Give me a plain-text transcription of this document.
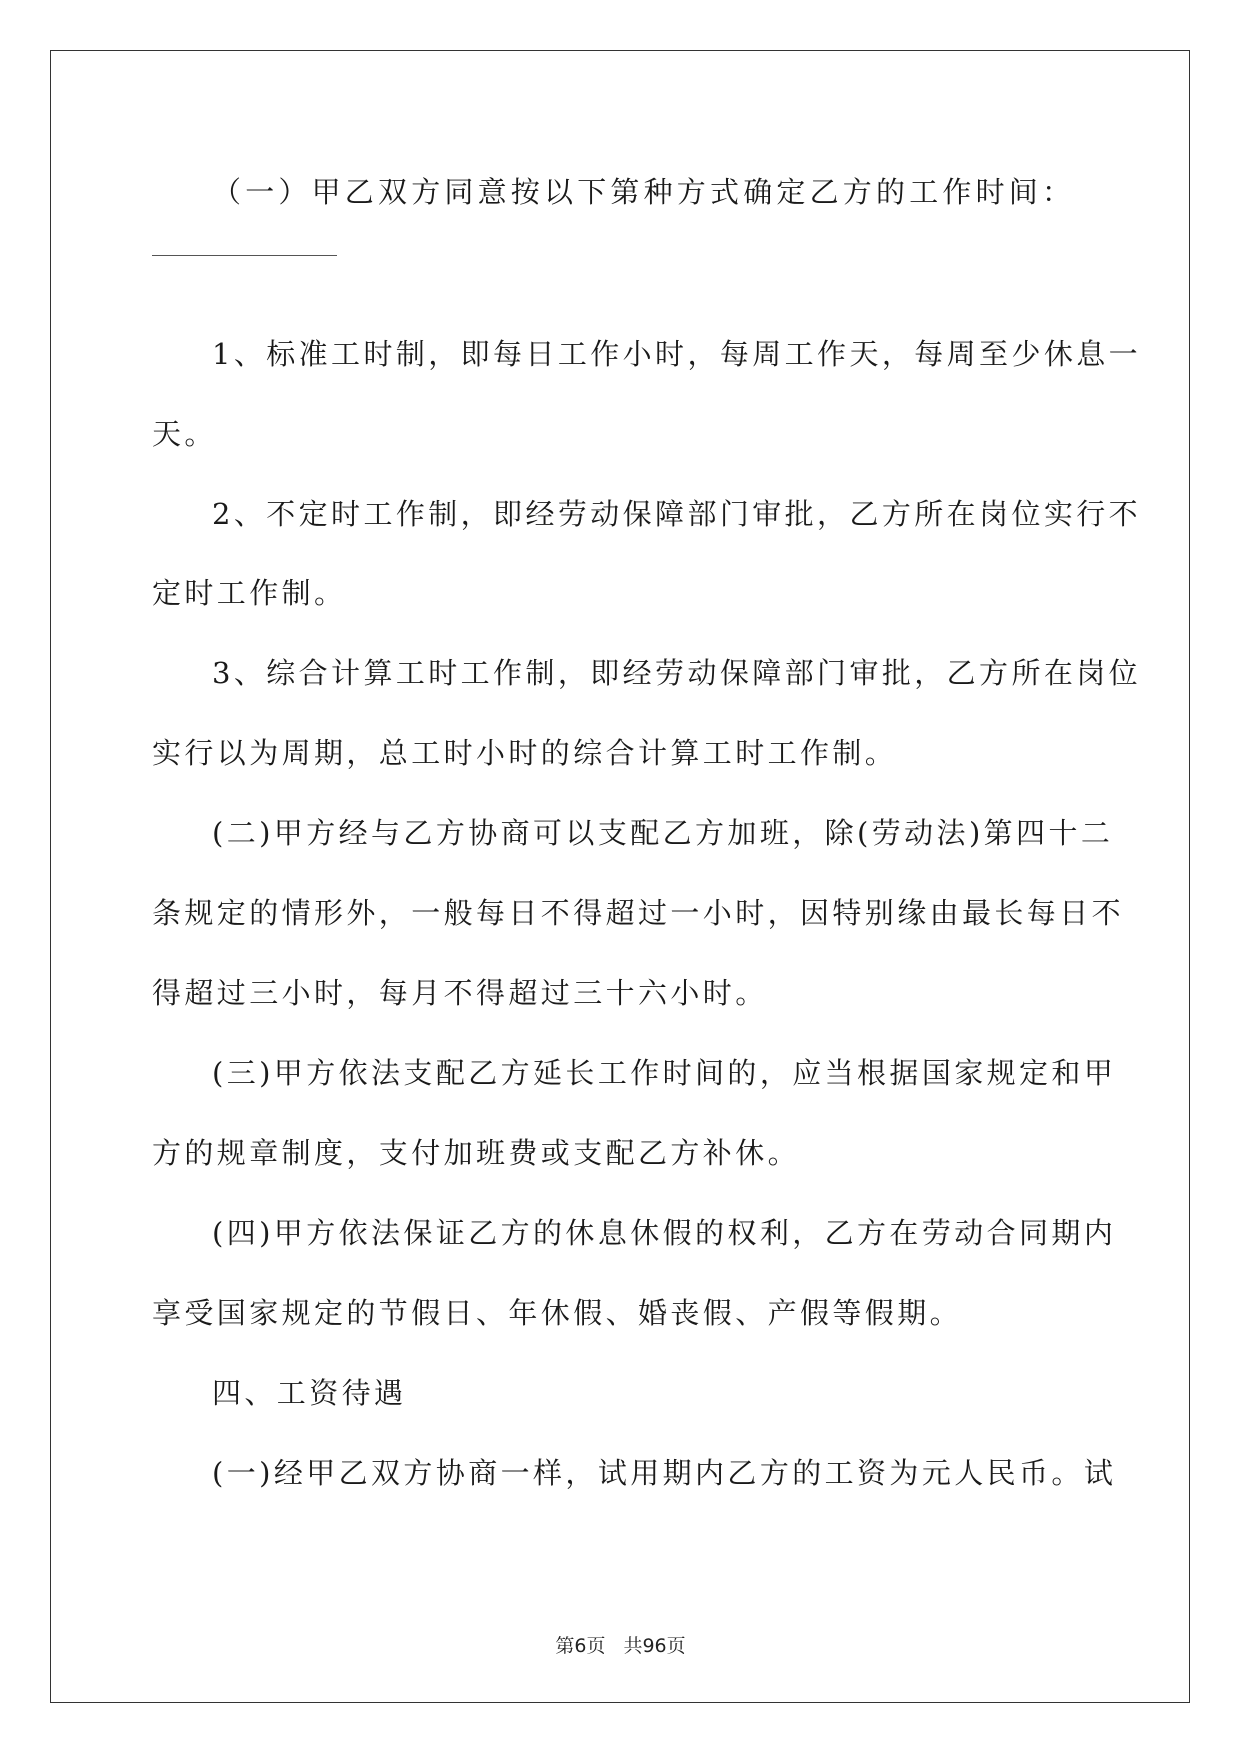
（一）甲乙双方同意按以下第种方式确定乙方的工作时间：
1、标准工时制，即每日工作小时，每周工作天，每周至少休息一
天。
2、不定时工作制，即经劳动保障部门审批，乙方所在岗位实行不
定时工作制。
3、综合计算工时工作制，即经劳动保障部门审批，乙方所在岗位
实行以为周期，总工时小时的综合计算工时工作制。
(二)甲方经与乙方协商可以支配乙方加班，除(劳动法)第四十二
条规定的情形外，一般每日不得超过一小时，因特别缘由最长每日不
得超过三小时，每月不得超过三十六小时。
(三)甲方依法支配乙方延长工作时间的，应当根据国家规定和甲
方的规章制度，支付加班费或支配乙方补休。
(四)甲方依法保证乙方的休息休假的权利，乙方在劳动合同期内
享受国家规定的节假日、年休假、婚丧假、产假等假期。
四、工资待遇
(一)经甲乙双方协商一样，试用期内乙方的工资为元人民币。试
第6页 共96页
